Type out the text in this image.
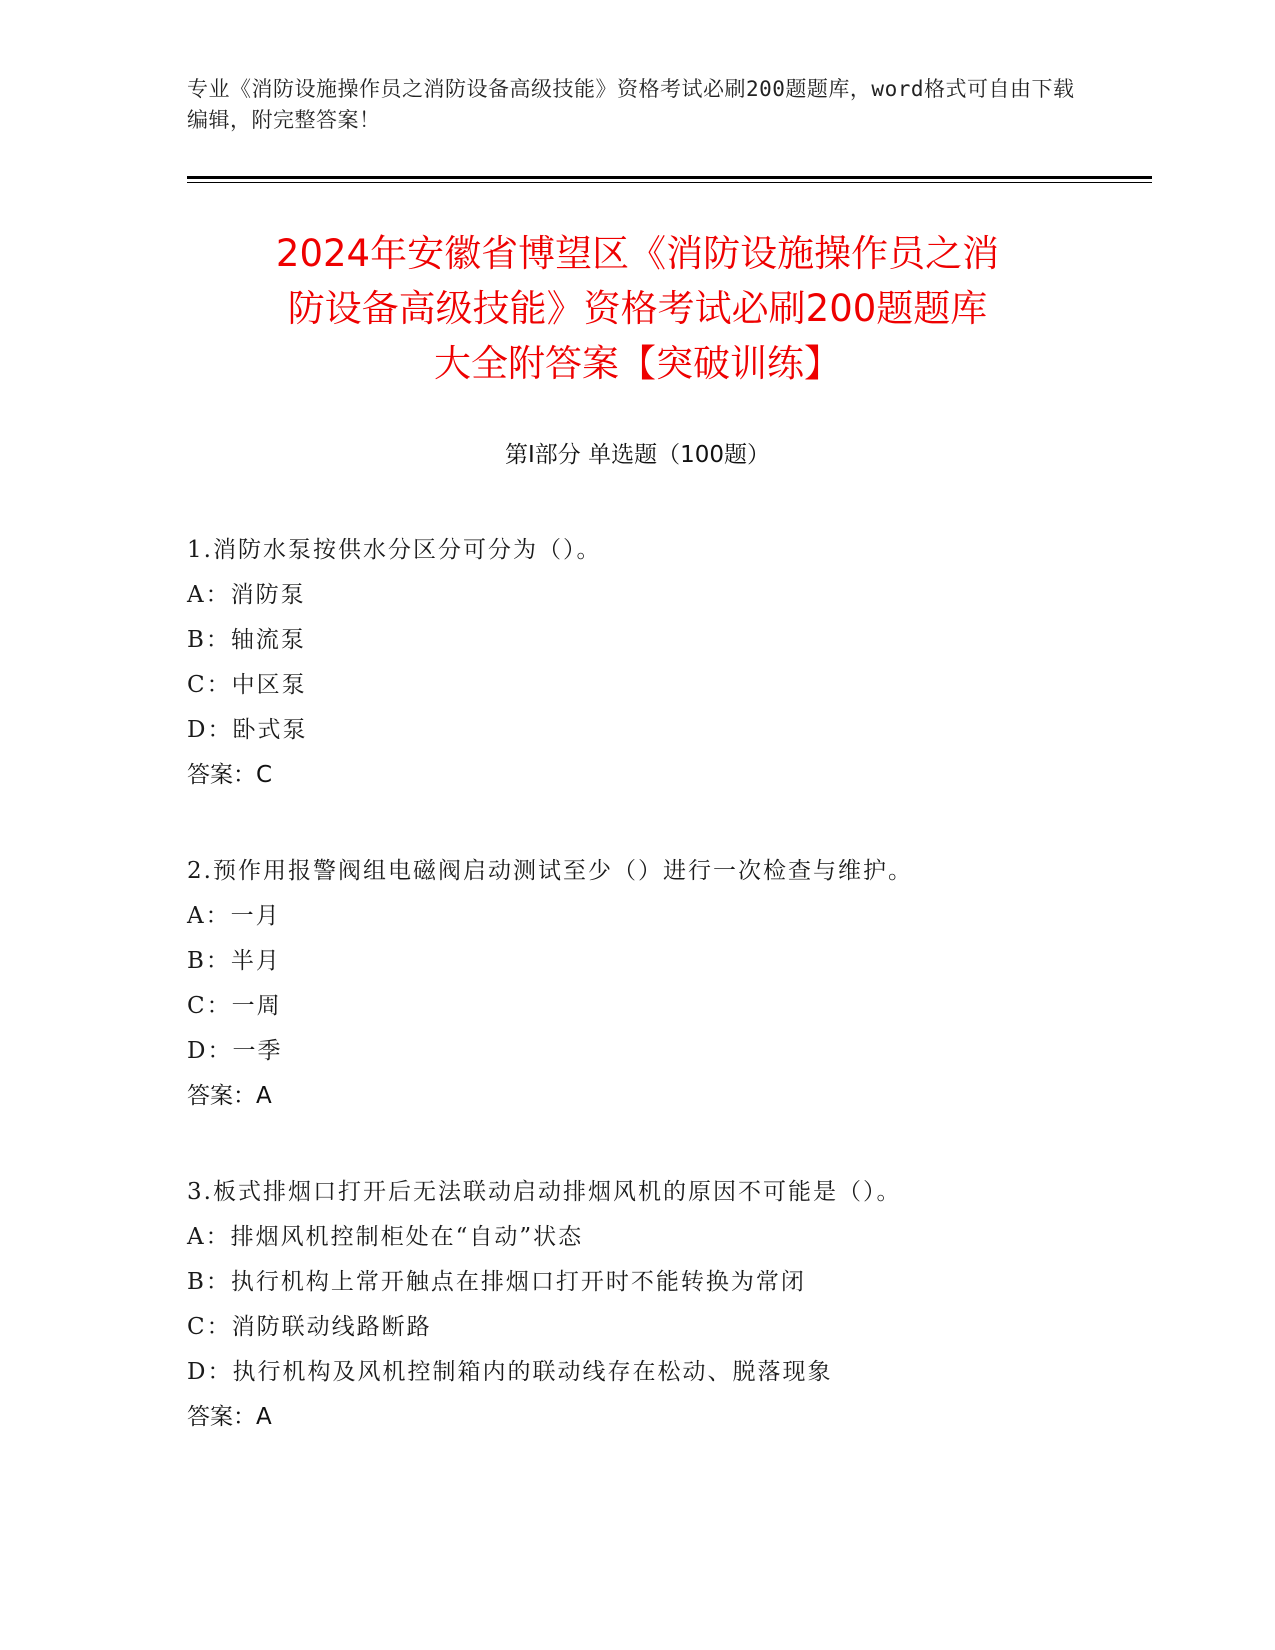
专业《消防设施操作员之消防设备高级技能》资格考试必刷200题题库，word格式可自由下载编辑，附完整答案！
2024年安徽省博望区《消防设施操作员之消
防设备高级技能》资格考试必刷200题题库
大全附答案【突破训练】
第Ⅰ部分 单选题（100题）
1.消防水泵按供水分区分可分为（）。
A：消防泵
B：轴流泵
C：中区泵
D：卧式泵
答案：C
2.预作用报警阀组电磁阀启动测试至少（）进行一次检查与维护。
A：一月
B：半月
C：一周
D：一季
答案：A
3.板式排烟口打开后无法联动启动排烟风机的原因不可能是（）。
A：排烟风机控制柜处在“自动”状态
B：执行机构上常开触点在排烟口打开时不能转换为常闭
C：消防联动线路断路
D：执行机构及风机控制箱内的联动线存在松动、脱落现象
答案：A
